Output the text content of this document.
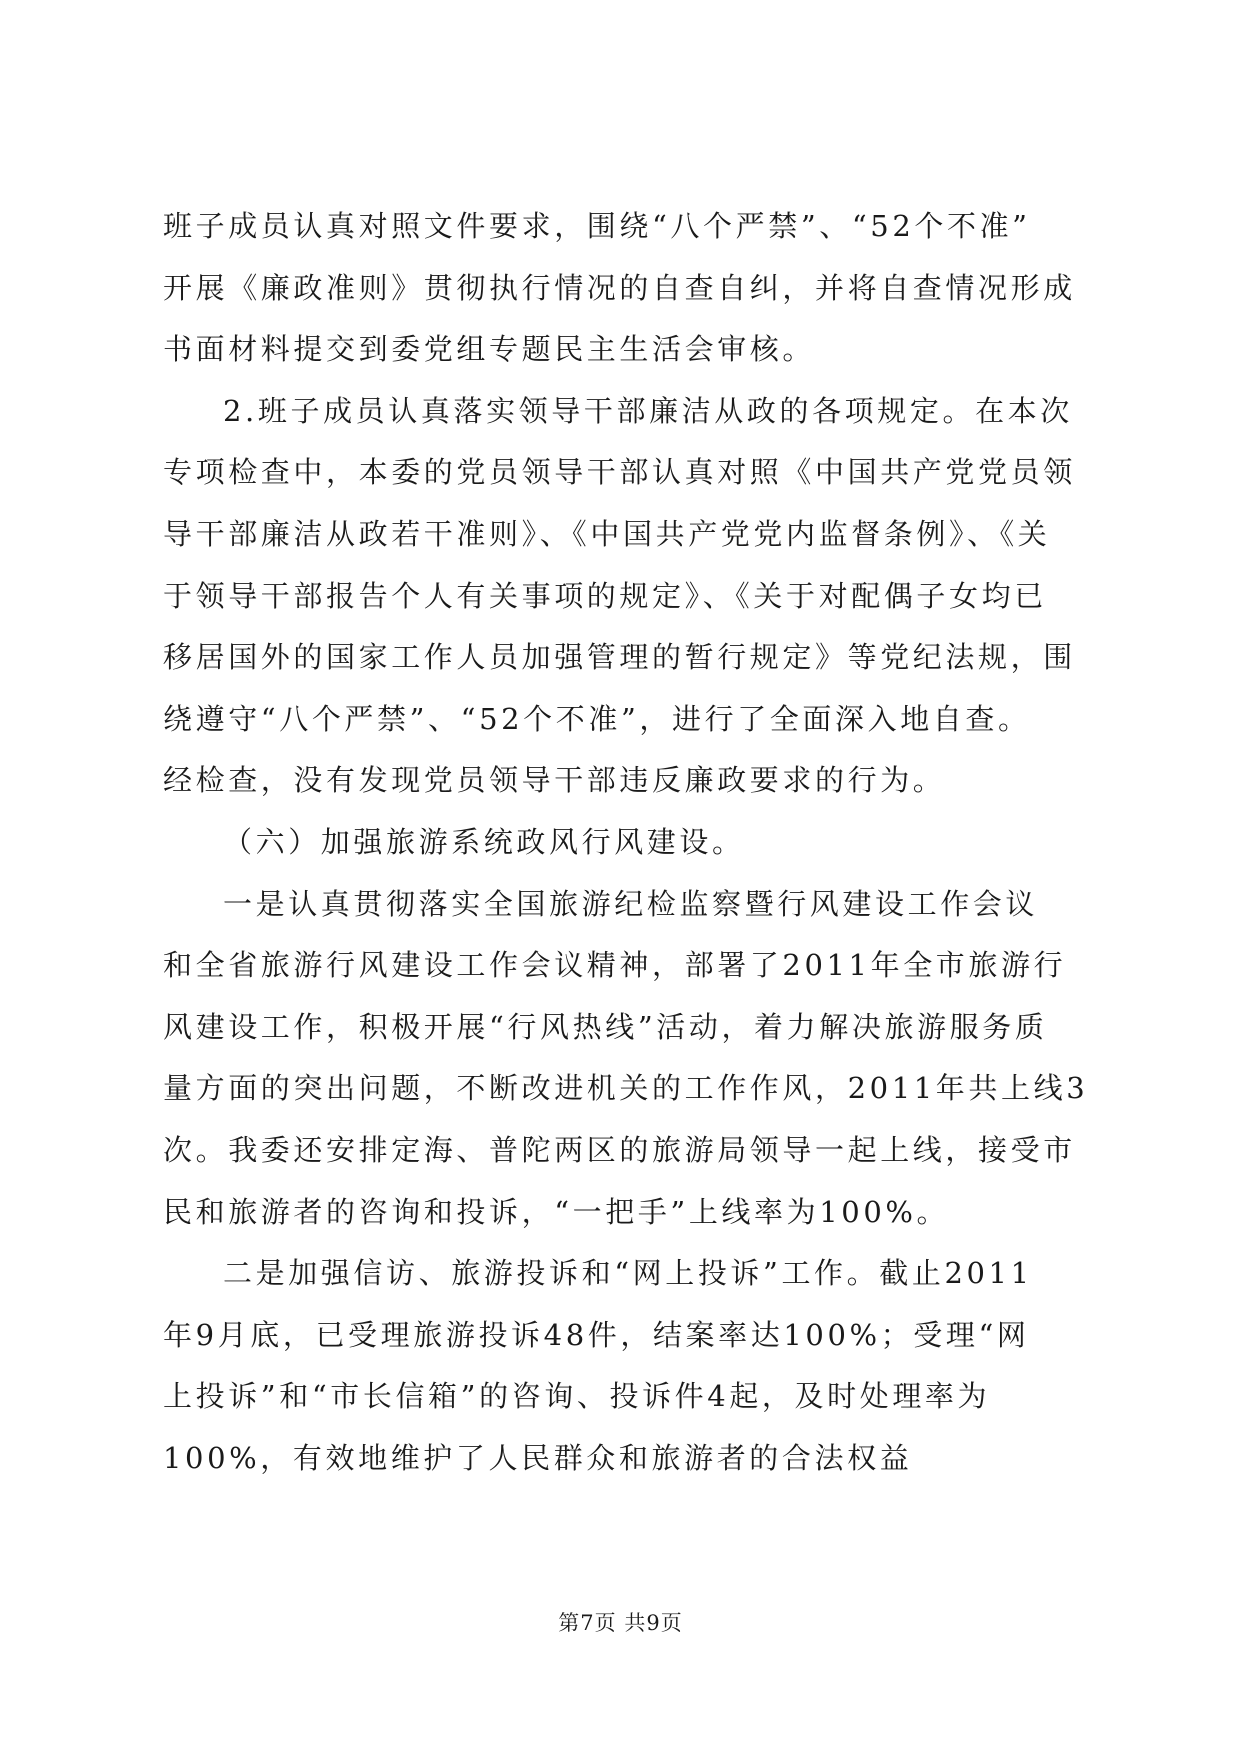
班子成员认真对照文件要求，围绕“八个严禁”、“52个不准”
开展《廉政准则》贯彻执行情况的自查自纠，并将自查情况形成
书面材料提交到委党组专题民主生活会审核。
2.班子成员认真落实领导干部廉洁从政的各项规定。在本次
专项检查中，本委的党员领导干部认真对照《中国共产党党员领
导干部廉洁从政若干准则》、《中国共产党党内监督条例》、《关
于领导干部报告个人有关事项的规定》、《关于对配偶子女均已
移居国外的国家工作人员加强管理的暂行规定》等党纪法规，围
绕遵守“八个严禁”、“52个不准”，进行了全面深入地自查。
经检查，没有发现党员领导干部违反廉政要求的行为。
（六）加强旅游系统政风行风建设。
一是认真贯彻落实全国旅游纪检监察暨行风建设工作会议
和全省旅游行风建设工作会议精神，部署了2011年全市旅游行
风建设工作，积极开展“行风热线”活动，着力解决旅游服务质
量方面的突出问题，不断改进机关的工作作风，2011年共上线3
次。我委还安排定海、普陀两区的旅游局领导一起上线，接受市
民和旅游者的咨询和投诉，“一把手”上线率为100%。
二是加强信访、旅游投诉和“网上投诉”工作。截止2011
年9月底，已受理旅游投诉48件，结案率达100%；受理“网
上投诉”和“市长信箱”的咨询、投诉件4起，及时处理率为
100%，有效地维护了人民群众和旅游者的合法权益
第7页 共9页
